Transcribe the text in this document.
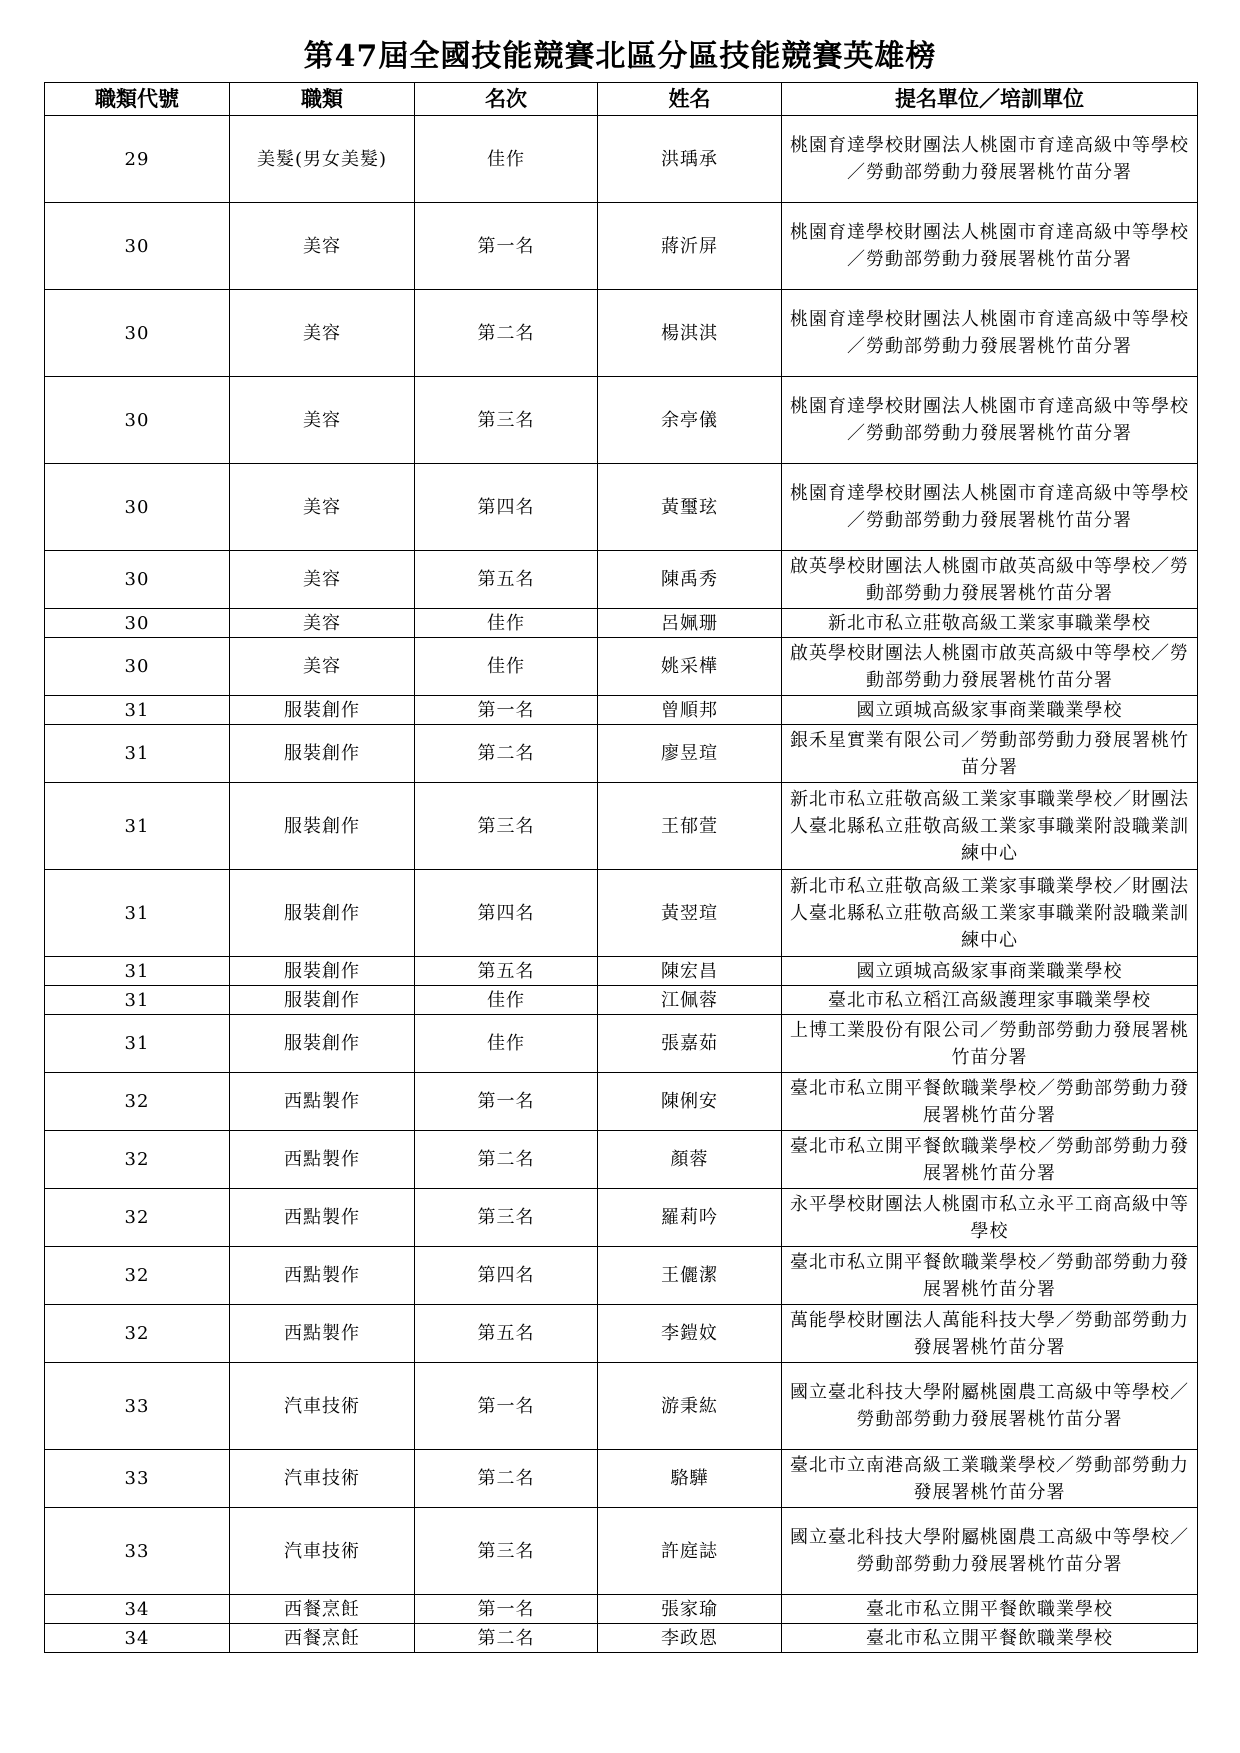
第47屆全國技能競賽北區分區技能競賽英雄榜
職類代號	職類	名次	姓名	提名單位／培訓單位
29	美髮(男女美髮)	佳作	洪瑀承	桃園育達學校財團法人桃園市育達高級中等學校／勞動部勞動力發展署桃竹苗分署
30	美容	第一名	蔣沂屏	桃園育達學校財團法人桃園市育達高級中等學校／勞動部勞動力發展署桃竹苗分署
30	美容	第二名	楊淇淇	桃園育達學校財團法人桃園市育達高級中等學校／勞動部勞動力發展署桃竹苗分署
30	美容	第三名	余亭儀	桃園育達學校財團法人桃園市育達高級中等學校／勞動部勞動力發展署桃竹苗分署
30	美容	第四名	黃璽玹	桃園育達學校財團法人桃園市育達高級中等學校／勞動部勞動力發展署桃竹苗分署
30	美容	第五名	陳禹秀	啟英學校財團法人桃園市啟英高級中等學校／勞動部勞動力發展署桃竹苗分署
30	美容	佳作	呂姵珊	新北市私立莊敬高級工業家事職業學校
30	美容	佳作	姚采樺	啟英學校財團法人桃園市啟英高級中等學校／勞動部勞動力發展署桃竹苗分署
31	服裝創作	第一名	曾順邦	國立頭城高級家事商業職業學校
31	服裝創作	第二名	廖昱瑄	銀禾星實業有限公司／勞動部勞動力發展署桃竹苗分署
31	服裝創作	第三名	王郁萱	新北市私立莊敬高級工業家事職業學校／財團法人臺北縣私立莊敬高級工業家事職業附設職業訓練中心
31	服裝創作	第四名	黃翌瑄	新北市私立莊敬高級工業家事職業學校／財團法人臺北縣私立莊敬高級工業家事職業附設職業訓練中心
31	服裝創作	第五名	陳宏昌	國立頭城高級家事商業職業學校
31	服裝創作	佳作	江佩蓉	臺北市私立稻江高級護理家事職業學校
31	服裝創作	佳作	張嘉茹	上博工業股份有限公司／勞動部勞動力發展署桃竹苗分署
32	西點製作	第一名	陳俐安	臺北市私立開平餐飲職業學校／勞動部勞動力發展署桃竹苗分署
32	西點製作	第二名	顏蓉	臺北市私立開平餐飲職業學校／勞動部勞動力發展署桃竹苗分署
32	西點製作	第三名	羅莉吟	永平學校財團法人桃園市私立永平工商高級中等學校
32	西點製作	第四名	王儷潔	臺北市私立開平餐飲職業學校／勞動部勞動力發展署桃竹苗分署
32	西點製作	第五名	李鎧妏	萬能學校財團法人萬能科技大學／勞動部勞動力發展署桃竹苗分署
33	汽車技術	第一名	游秉紘	國立臺北科技大學附屬桃園農工高級中等學校／勞動部勞動力發展署桃竹苗分署
33	汽車技術	第二名	駱驊	臺北市立南港高級工業職業學校／勞動部勞動力發展署桃竹苗分署
33	汽車技術	第三名	許庭誌	國立臺北科技大學附屬桃園農工高級中等學校／勞動部勞動力發展署桃竹苗分署
34	西餐烹飪	第一名	張家瑜	臺北市私立開平餐飲職業學校
34	西餐烹飪	第二名	李政恩	臺北市私立開平餐飲職業學校
